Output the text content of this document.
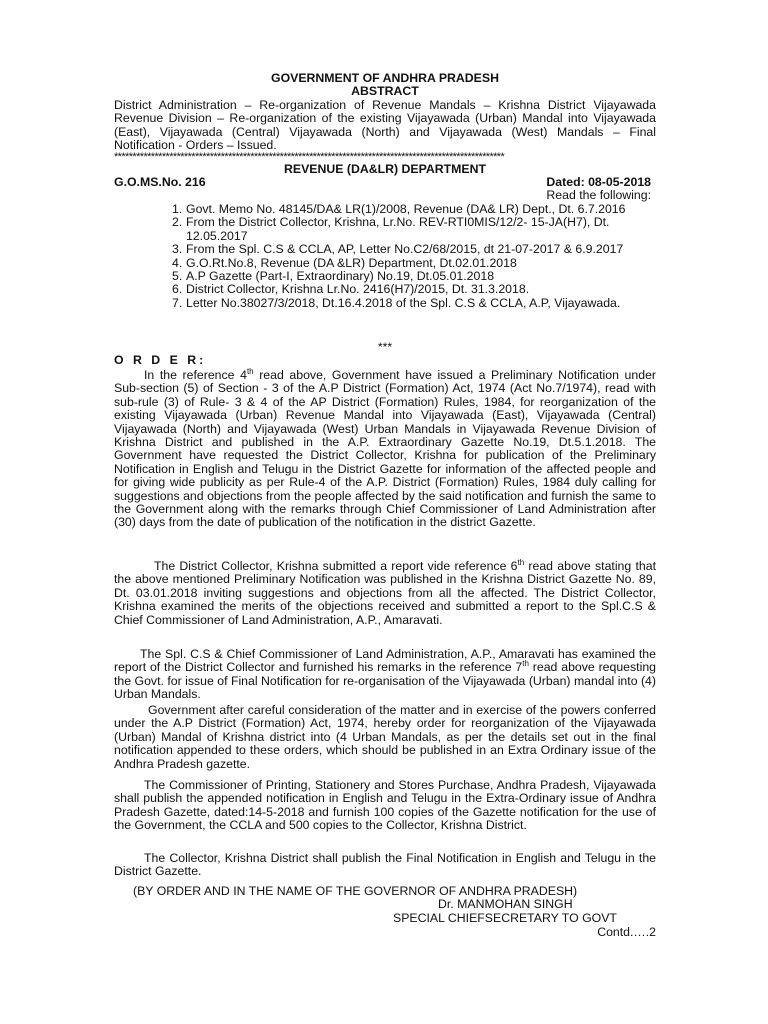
GOVERNMENT OF ANDHRA PRADESH
ABSTRACT
District Administration – Re-organization of Revenue Mandals – Krishna District Vijayawada Revenue Division – Re-organization of the existing Vijayawada (Urban) Mandal into Vijayawada (East), Vijayawada (Central) Vijayawada (North) and Vijayawada (West) Mandals – Final Notification - Orders – Issued.
**********************************************************************************************************
REVENUE (DA&LR) DEPARTMENT
G.O.MS.No. 216	Dated: 08-05-2018
Read the following:
1. Govt. Memo No. 48145/DA& LR(1)/2008, Revenue (DA& LR) Dept., Dt. 6.7.2016
2. From the District Collector, Krishna, Lr.No. REV-RTI0MIS/12/2- 15-JA(H7), Dt. 12.05.2017
3. From the Spl. C.S & CCLA, AP, Letter No.C2/68/2015, dt 21-07-2017 & 6.9.2017
4. G.O.Rt.No.8, Revenue (DA &LR) Department, Dt.02.01.2018
5. A.P Gazette (Part-I, Extraordinary) No.19, Dt.05.01.2018
6. District Collector, Krishna Lr.No. 2416(H7)/2015, Dt. 31.3.2018.
7. Letter No.38027/3/2018, Dt.16.4.2018 of the Spl. C.S & CCLA, A.P, Vijayawada.
***
O R D E R:
In the reference 4th read above, Government have issued a Preliminary Notification under Sub-section (5) of Section - 3 of the A.P District (Formation) Act, 1974 (Act No.7/1974), read with sub-rule (3) of Rule- 3 & 4 of the AP District (Formation) Rules, 1984, for reorganization of the existing Vijayawada (Urban) Revenue Mandal into Vijayawada (East), Vijayawada (Central) Vijayawada (North) and Vijayawada (West) Urban Mandals in Vijayawada Revenue Division of Krishna District and published in the A.P. Extraordinary Gazette No.19, Dt.5.1.2018. The Government have requested the District Collector, Krishna for publication of the Preliminary Notification in English and Telugu in the District Gazette for information of the affected people and for giving wide publicity as per Rule-4 of the A.P. District (Formation) Rules, 1984 duly calling for suggestions and objections from the people affected by the said notification and furnish the same to the Government along with the remarks through Chief Commissioner of Land Administration after (30) days from the date of publication of the notification in the district Gazette.
The District Collector, Krishna submitted a report vide reference 6th read above stating that the above mentioned Preliminary Notification was published in the Krishna District Gazette No. 89, Dt. 03.01.2018 inviting suggestions and objections from all the affected. The District Collector, Krishna examined the merits of the objections received and submitted a report to the Spl.C.S & Chief Commissioner of Land Administration, A.P., Amaravati.
The Spl. C.S & Chief Commissioner of Land Administration, A.P., Amaravati has examined the report of the District Collector and furnished his remarks in the reference 7th read above requesting the Govt. for issue of Final Notification for re-organisation of the Vijayawada (Urban) mandal into (4) Urban Mandals.
Government after careful consideration of the matter and in exercise of the powers conferred under the A.P District (Formation) Act, 1974, hereby order for reorganization of the Vijayawada (Urban) Mandal of Krishna district into (4 Urban Mandals, as per the details set out in the final notification appended to these orders, which should be published in an Extra Ordinary issue of the Andhra Pradesh gazette.
The Commissioner of Printing, Stationery and Stores Purchase, Andhra Pradesh, Vijayawada shall publish the appended notification in English and Telugu in the Extra-Ordinary issue of Andhra Pradesh Gazette, dated:14-5-2018 and furnish 100 copies of the Gazette notification for the use of the Government, the CCLA and 500 copies to the Collector, Krishna District.
The Collector, Krishna District shall publish the Final Notification in English and Telugu in the District Gazette.
(BY ORDER AND IN THE NAME OF THE GOVERNOR OF ANDHRA PRADESH)
Dr. MANMOHAN SINGH
SPECIAL CHIEFSECRETARY TO GOVT
Contd.….2
